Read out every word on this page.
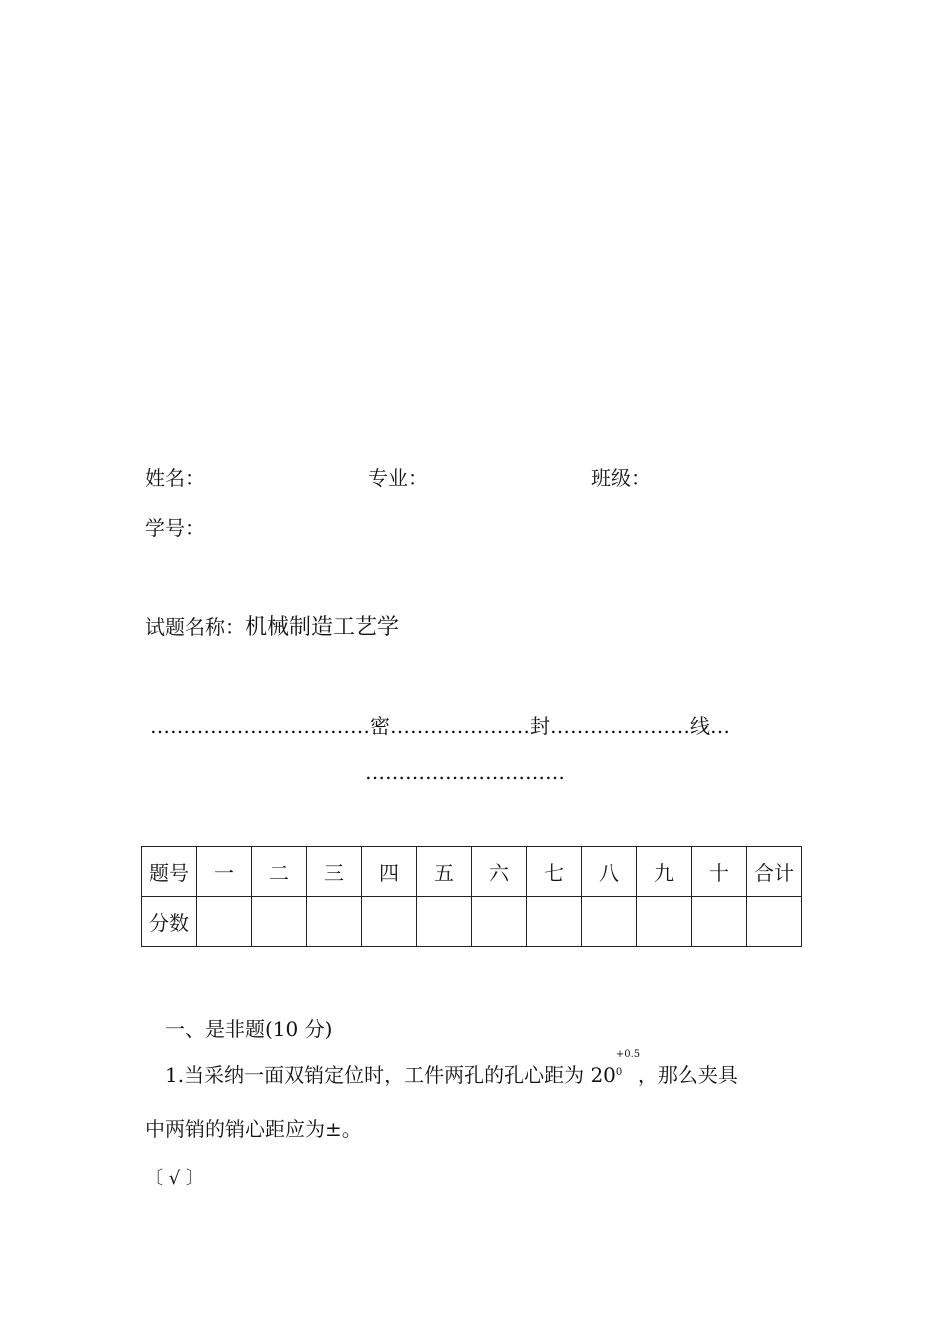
姓名：	专业：	班级：
学号：
试题名称：机械制造工艺学
……………………………密…………………封…………………线…
…………………………
题号	一	二	三	四	五	六	七	八	九	十	合计
分数											
一、是非题(10 分)
1.当采纳一面双销定位时，工件两孔的孔心距为 20
+0.5
0 ，那么夹具
中两销的销心距应为±。
〔 √ 〕
